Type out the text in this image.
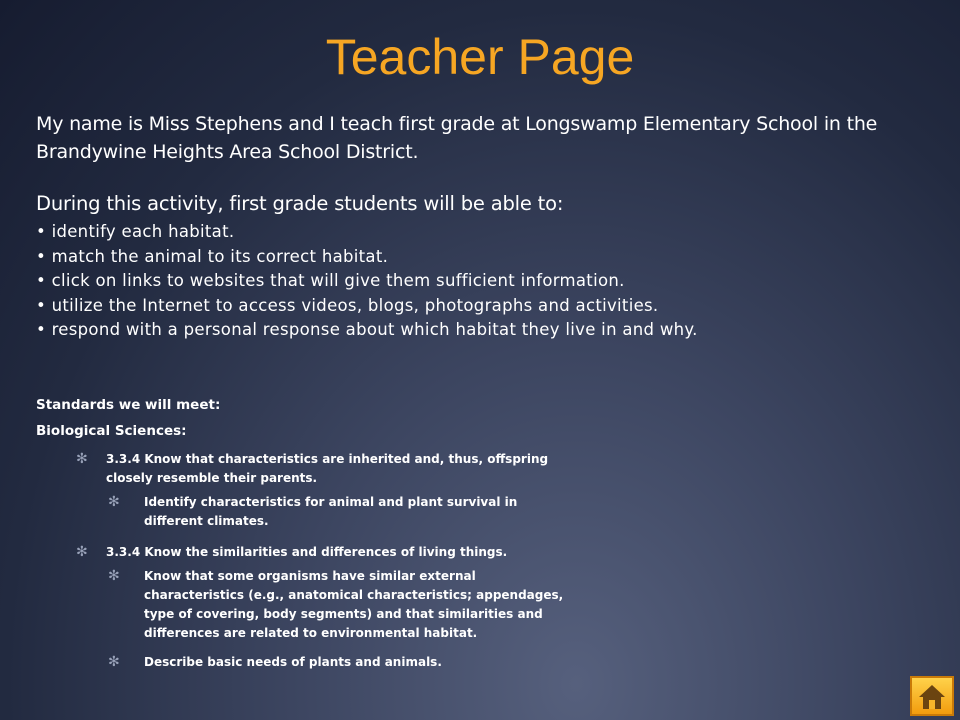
Teacher Page

My name is Miss Stephens and I teach first grade at Longswamp Elementary School in the Brandywine Heights Area School District.

During this activity, first grade students will be able to:

• identify each habitat.
• match the animal to its correct habitat.
• click on links to websites that will give them sufficient information.
• utilize the Internet to access videos, blogs, photographs and activities.
• respond with a personal response about which habitat they live in and why.

Standards we will meet:

Biological Sciences:

✻ 3.3.4 Know that characteristics are inherited and, thus, offspring closely resemble their parents.
✻ Identify characteristics for animal and plant survival in different climates.
✻ 3.3.4 Know the similarities and differences of living things.
✻ Know that some organisms have similar external characteristics (e.g., anatomical characteristics; appendages, type of covering, body segments) and that similarities and differences are related to environmental habitat.
✻ Describe basic needs of plants and animals.
